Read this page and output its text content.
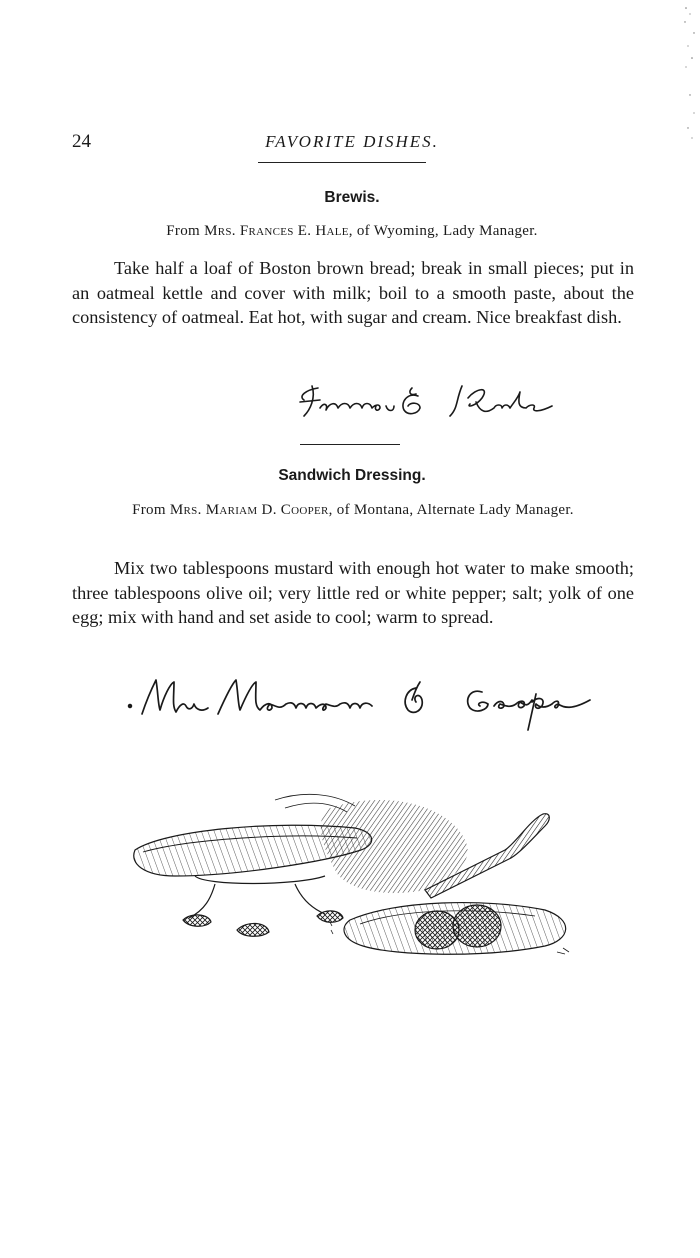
24	FAVORITE DISHES.
Brewis.
From Mrs. Frances E. Hale, of Wyoming, Lady Manager.

Take half a loaf of Boston brown bread; break in small pieces; put in an oatmeal kettle and cover with milk; boil to a smooth paste, about the consistency of oatmeal. Eat hot, with sugar and cream. Nice breakfast dish.

Sandwich Dressing.
From Mrs. Mariam D. Cooper, of Montana, Alternate Lady Manager.

Mix two tablespoons mustard with enough hot water to make smooth; three tablespoons olive oil; very little red or white pepper; salt; yolk of one egg; mix with hand and set aside to cool; warm to spread.
